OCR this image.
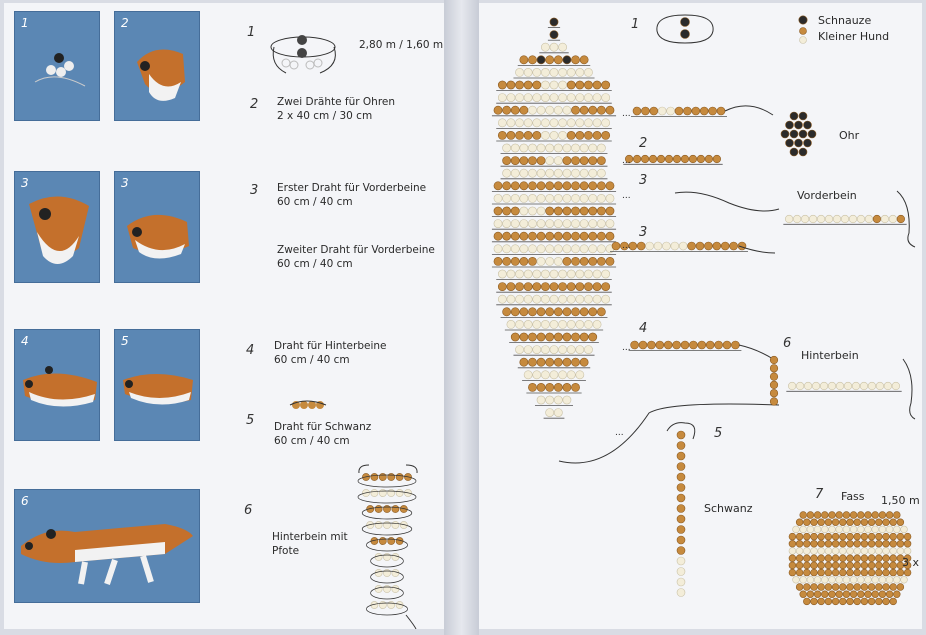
1	2
3	3
4	5
6
1
2,80 m / 1,60 m
2 Zwei Drähte für Ohren
2 x 40 cm / 30 cm
3 Erster Draht für Vorderbeine
60 cm / 40 cm
Zweiter Draht für Vorderbeine
60 cm / 40 cm
4 Draht für Hinterbeine
60 cm / 40 cm
5 Draht für Schwanz
60 cm / 40 cm
6
Hinterbein mit
Pfote
1
2
3
3
4
6
5
7
Schnauze
Kleiner Hund
Ohr
Vorderbein
Hinterbein
Schwanz
Fass 1,50 m
3 x
...
...
...
...
...
...
